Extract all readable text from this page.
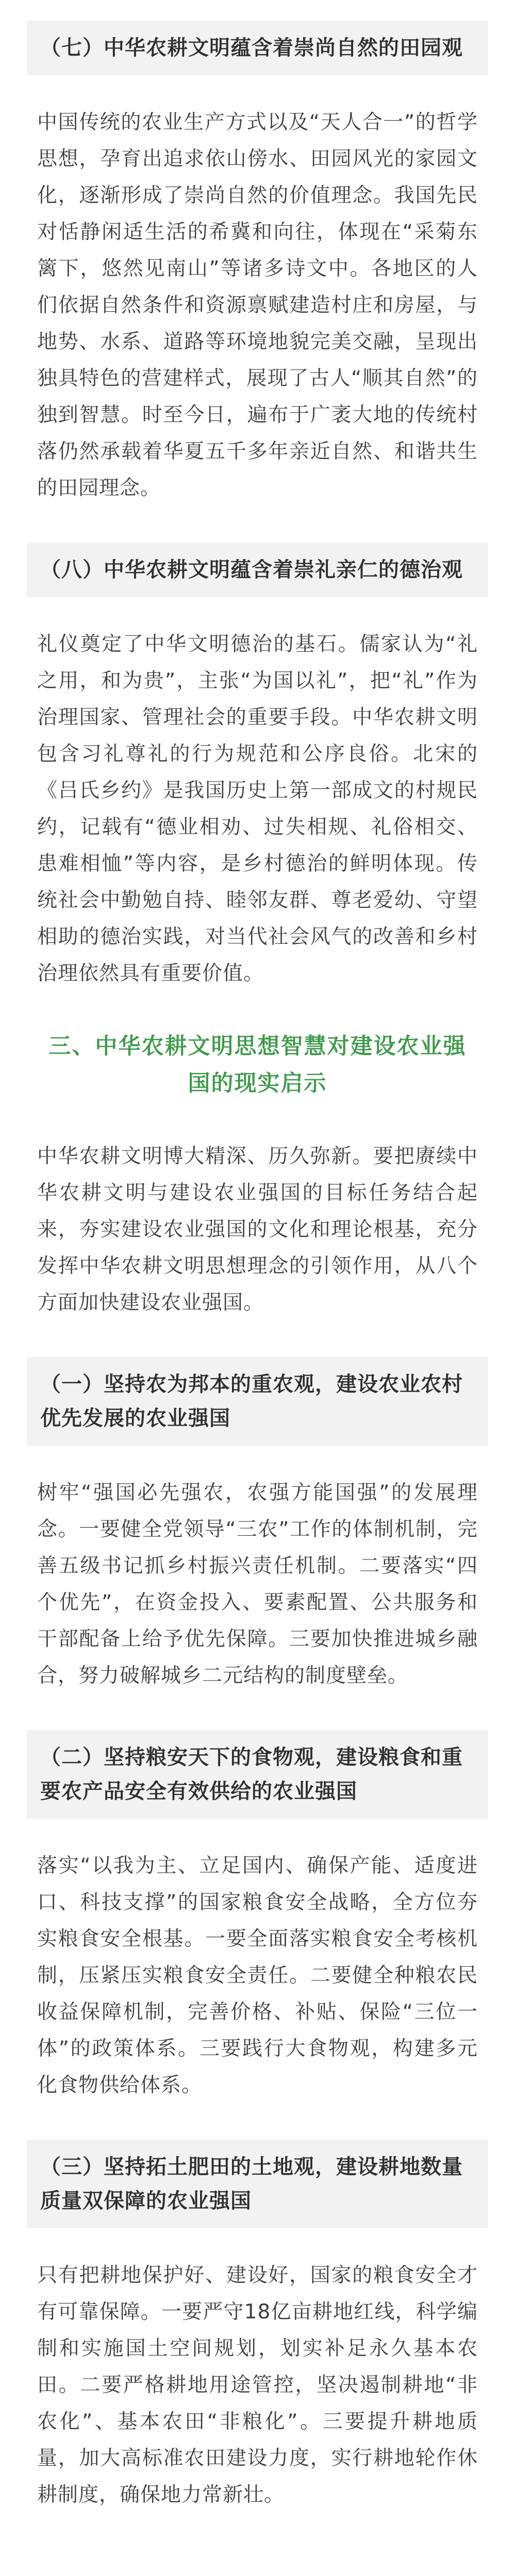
（七）中华农耕文明蕴含着崇尚自然的田园观

中国传统的农业生产方式以及“天人合一”的哲学思想，孕育出追求依山傍水、田园风光的家园文化，逐渐形成了崇尚自然的价值理念。我国先民对恬静闲适生活的希冀和向往，体现在“采菊东篱下，悠然见南山”等诸多诗文中。各地区的人们依据自然条件和资源禀赋建造村庄和房屋，与地势、水系、道路等环境地貌完美交融，呈现出独具特色的营建样式，展现了古人“顺其自然”的独到智慧。时至今日，遍布于广袤大地的传统村落仍然承载着华夏五千多年亲近自然、和谐共生的田园理念。

（八）中华农耕文明蕴含着崇礼亲仁的德治观

礼仪奠定了中华文明德治的基石。儒家认为“礼之用，和为贵”，主张“为国以礼”，把“礼”作为治理国家、管理社会的重要手段。中华农耕文明包含习礼尊礼的行为规范和公序良俗。北宋的《吕氏乡约》是我国历史上第一部成文的村规民约，记载有“德业相劝、过失相规、礼俗相交、患难相恤”等内容，是乡村德治的鲜明体现。传统社会中勤勉自持、睦邻友群、尊老爱幼、守望相助的德治实践，对当代社会风气的改善和乡村治理依然具有重要价值。

三、中华农耕文明思想智慧对建设农业强国的现实启示

中华农耕文明博大精深、历久弥新。要把赓续中华农耕文明与建设农业强国的目标任务结合起来，夯实建设农业强国的文化和理论根基，充分发挥中华农耕文明思想理念的引领作用，从八个方面加快建设农业强国。

（一）坚持农为邦本的重农观，建设农业农村优先发展的农业强国

树牢“强国必先强农，农强方能国强”的发展理念。一要健全党领导“三农”工作的体制机制，完善五级书记抓乡村振兴责任机制。二要落实“四个优先”，在资金投入、要素配置、公共服务和干部配备上给予优先保障。三要加快推进城乡融合，努力破解城乡二元结构的制度壁垒。

（二）坚持粮安天下的食物观，建设粮食和重要农产品安全有效供给的农业强国

落实“以我为主、立足国内、确保产能、适度进口、科技支撑”的国家粮食安全战略，全方位夯实粮食安全根基。一要全面落实粮食安全考核机制，压紧压实粮食安全责任。二要健全种粮农民收益保障机制，完善价格、补贴、保险“三位一体”的政策体系。三要践行大食物观，构建多元化食物供给体系。

（三）坚持拓土肥田的土地观，建设耕地数量质量双保障的农业强国

只有把耕地保护好、建设好，国家的粮食安全才有可靠保障。一要严守18亿亩耕地红线，科学编制和实施国土空间规划，划实补足永久基本农田。二要严格耕地用途管控，坚决遏制耕地“非农化”、基本农田“非粮化”。三要提升耕地质量，加大高标准农田建设力度，实行耕地轮作休耕制度，确保地力常新壮。
